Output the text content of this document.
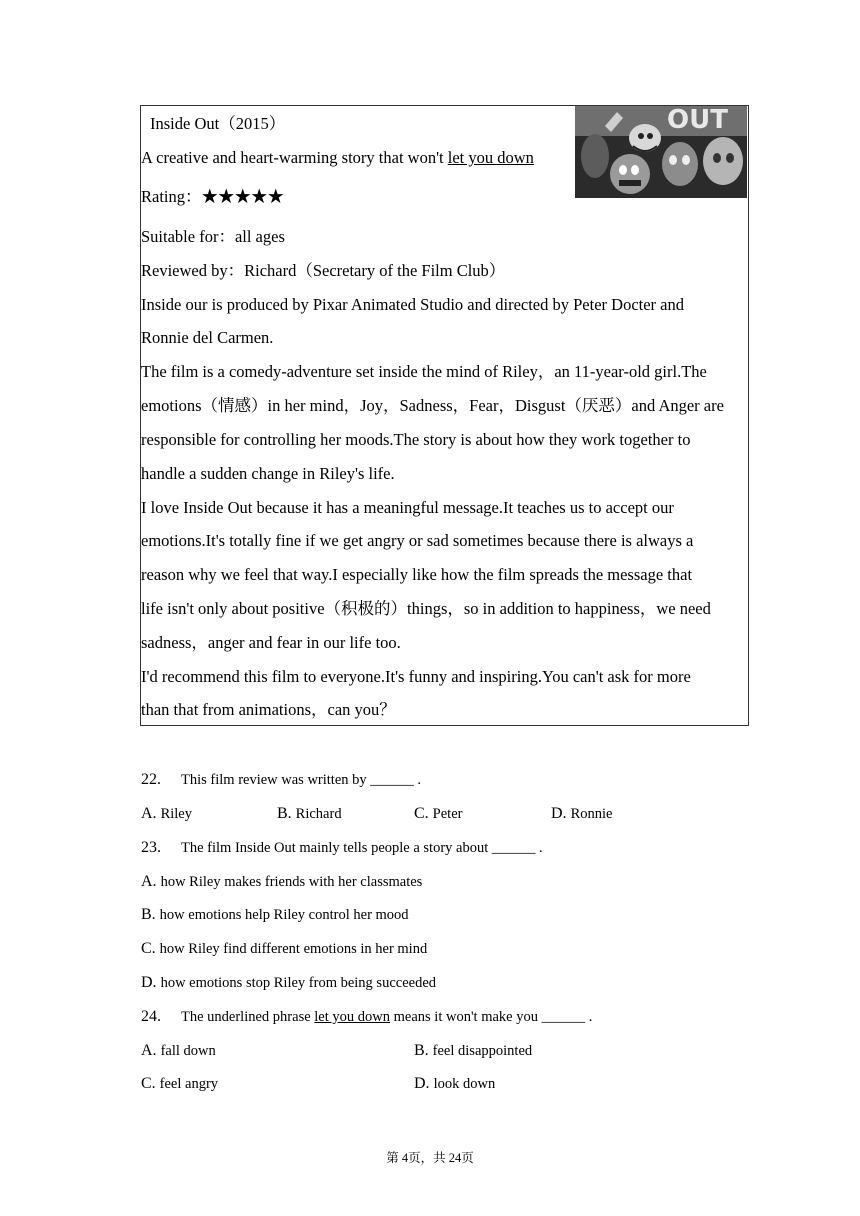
OUT
Inside Out（2015）
A creative and heart-warming story that won't let you down
Rating：★★★★★
Suitable for：all ages
Reviewed by：Richard（Secretary of the Film Club）
Inside our is produced by Pixar Animated Studio and directed by Peter Docter and
Ronnie del Carmen.
The film is a comedy-adventure set inside the mind of Riley，an 11-year-old girl.The
emotions（情感）in her mind，Joy，Sadness，Fear，Disgust（厌恶）and Anger are
responsible for controlling her moods.The story is about how they work together to
handle a sudden change in Riley's life.
I love Inside Out because it has a meaningful message.It teaches us to accept our
emotions.It's totally fine if we get angry or sad sometimes because there is always a
reason why we feel that way.I especially like how the film spreads the message that
life isn't only about positive（积极的）things，so in addition to happiness，we need
sadness，anger and fear in our life too.
I'd recommend this film to everyone.It's funny and inspiring.You can't ask for more
than that from animations，can you？
22. This film review was written by ______ .
A. Riley	B. Richard	C. Peter	D. Ronnie
23. The film Inside Out mainly tells people a story about ______ .
A. how Riley makes friends with her classmates
B. how emotions help Riley control her mood
C. how Riley find different emotions in her mind
D. how emotions stop Riley from being succeeded
24. The underlined phrase let you down means it won't make you ______ .
A. fall down	B. feel disappointed
C. feel angry	D. look down
第 4页，共 24页
